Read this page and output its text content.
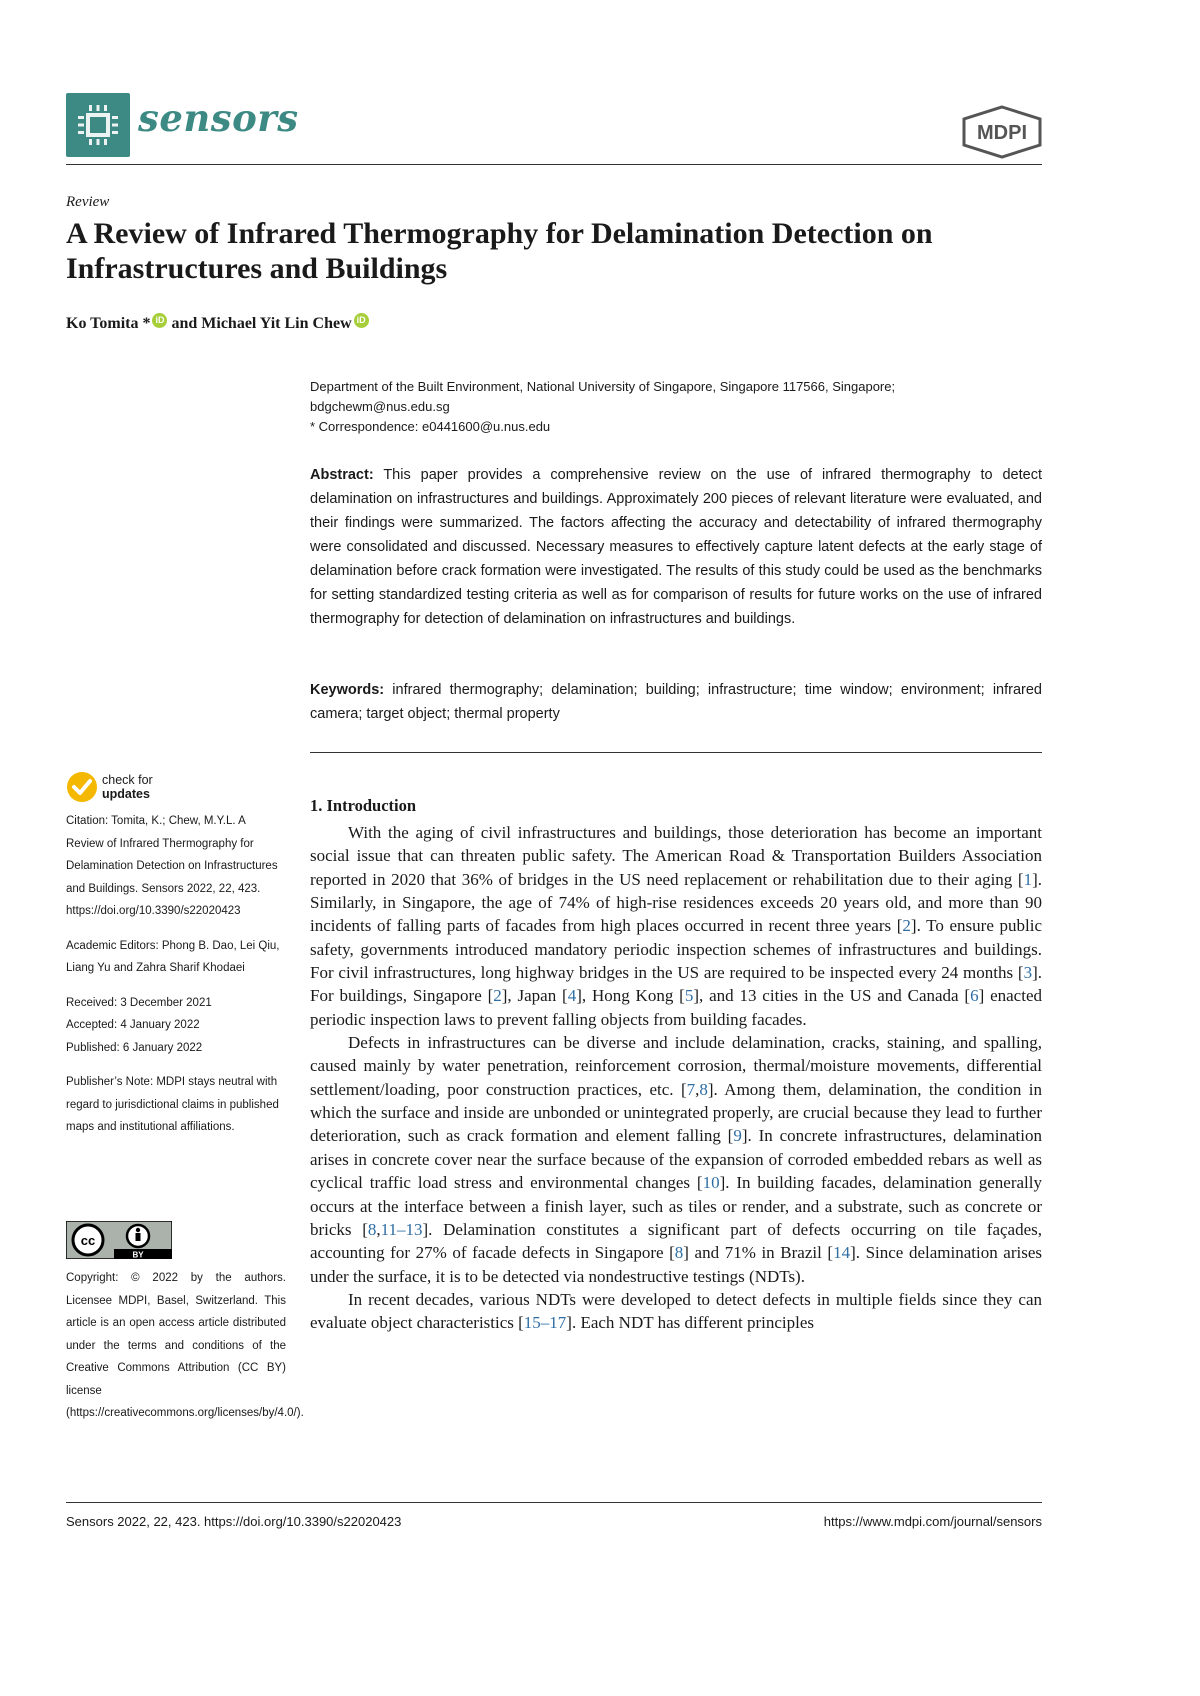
sensors	MDPI
Review
A Review of Infrared Thermography for Delamination Detection on Infrastructures and Buildings
Ko Tomita * iD and Michael Yit Lin Chew iD
Department of the Built Environment, National University of Singapore, Singapore 117566, Singapore;
bdgchewm@nus.edu.sg
* Correspondence: e0441600@u.nus.edu
Abstract: This paper provides a comprehensive review on the use of infrared thermography to detect delamination on infrastructures and buildings. Approximately 200 pieces of relevant literature were evaluated, and their findings were summarized. The factors affecting the accuracy and detectability of infrared thermography were consolidated and discussed. Necessary measures to effectively capture latent defects at the early stage of delamination before crack formation were investigated. The results of this study could be used as the benchmarks for setting standardized testing criteria as well as for comparison of results for future works on the use of infrared thermography for detection of delamination on infrastructures and buildings.
Keywords: infrared thermography; delamination; building; infrastructure; time window; environment; infrared camera; target object; thermal property
check for
updates

Citation: Tomita, K.; Chew, M.Y.L. A Review of Infrared Thermography for Delamination Detection on Infrastructures and Buildings. Sensors 2022, 22, 423. https://doi.org/10.3390/s22020423

Academic Editors: Phong B. Dao, Lei Qiu, Liang Yu and Zahra Sharif Khodaei

Received: 3 December 2021
Accepted: 4 January 2022

Published: 6 January 2022

Publisher’s Note: MDPI stays neutral with regard to jurisdictional claims in published maps and institutional affiliations.

cc
BY
Copyright: © 2022 by the authors. Licensee MDPI, Basel, Switzerland. This article is an open access article distributed under the terms and conditions of the Creative Commons Attribution (CC BY) license (https://creativecommons.org/licenses/by/4.0/).
1. Introduction

With the aging of civil infrastructures and buildings, those deterioration has become an important social issue that can threaten public safety. The American Road & Transportation Builders Association reported in 2020 that 36% of bridges in the US need replacement or rehabilitation due to their aging [1]. Similarly, in Singapore, the age of 74% of high-rise residences exceeds 20 years old, and more than 90 incidents of falling parts of facades from high places occurred in recent three years [2]. To ensure public safety, governments introduced mandatory periodic inspection schemes of infrastructures and buildings. For civil infrastructures, long highway bridges in the US are required to be inspected every 24 months [3]. For buildings, Singapore [2], Japan [4], Hong Kong [5], and 13 cities in the US and Canada [6] enacted periodic inspection laws to prevent falling objects from building facades.

Defects in infrastructures can be diverse and include delamination, cracks, staining, and spalling, caused mainly by water penetration, reinforcement corrosion, thermal/moisture movements, differential settlement/loading, poor construction practices, etc. [7,8]. Among them, delamination, the condition in which the surface and inside are unbonded or unintegrated properly, are crucial because they lead to further deterioration, such as crack formation and element falling [9]. In concrete infrastructures, delamination arises in concrete cover near the surface because of the expansion of corroded embedded rebars as well as cyclical traffic load stress and environmental changes [10]. In building facades, delamination generally occurs at the interface between a finish layer, such as tiles or render, and a substrate, such as concrete or bricks [8,11–13]. Delamination constitutes a significant part of defects occurring on tile façades, accounting for 27% of facade defects in Singapore [8] and 71% in Brazil [14]. Since delamination arises under the surface, it is to be detected via nondestructive testings (NDTs).

In recent decades, various NDTs were developed to detect defects in multiple fields since they can evaluate object characteristics [15–17]. Each NDT has different principles

Sensors 2022, 22, 423. https://doi.org/10.3390/s22020423	https://www.mdpi.com/journal/sensors
